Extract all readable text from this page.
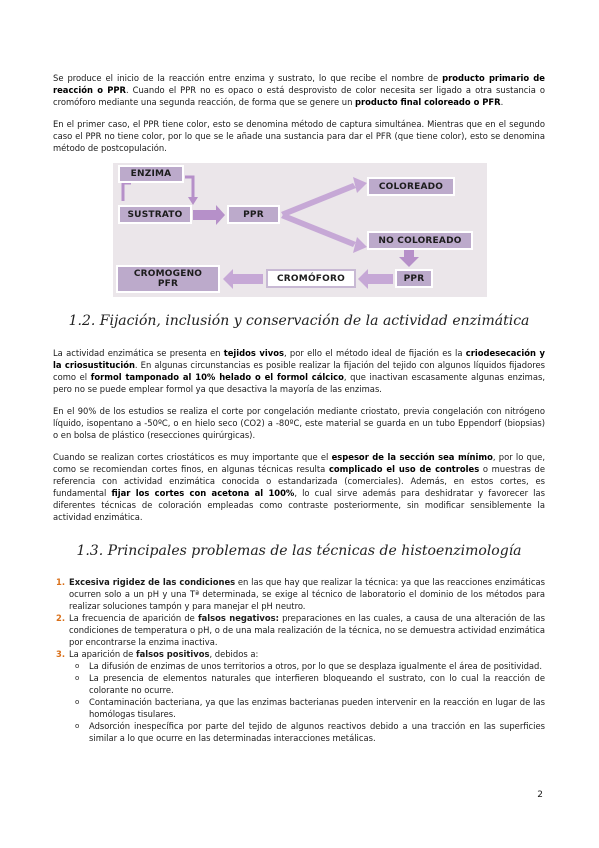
Se produce el inicio de la reacción entre enzima y sustrato, lo que recibe el nombre de producto primario de reacción o PPR. Cuando el PPR no es opaco o está desprovisto de color necesita ser ligado a otra sustancia o cromóforo mediante una segunda reacción, de forma que se genere un producto final coloreado o PFR.
En el primer caso, el PPR tiene color, esto se denomina método de captura simultánea. Mientras que en el segundo caso el PPR no tiene color, por lo que se le añade una sustancia para dar el PFR (que tiene color), esto se denomina método de postcopulación.
ENZIMA
SUSTRATO	PPR
COLOREADO
NO COLOREADO
PPR
CROMÓFORO
CROMOGENO
PFR
1.2. Fijación, inclusión y conservación de la actividad enzimática
La actividad enzimática se presenta en tejidos vivos, por ello el método ideal de fijación es la criodesecación y la criosustitución. En algunas circunstancias es posible realizar la fijación del tejido con algunos líquidos fijadores como el formol tamponado al 10% helado o el formol cálcico, que inactivan escasamente algunas enzimas, pero no se puede emplear formol ya que desactiva la mayoría de las enzimas.
En el 90% de los estudios se realiza el corte por congelación mediante criostato, previa congelación con nitrógeno líquido, isopentano a -50ºC, o en hielo seco (CO2) a -80ºC, este material se guarda en un tubo Eppendorf (biopsias) o en bolsa de plástico (resecciones quirúrgicas).
Cuando se realizan cortes criostáticos es muy importante que el espesor de la sección sea mínimo, por lo que, como se recomiendan cortes finos, en algunas técnicas resulta complicado el uso de controles o muestras de referencia con actividad enzimática conocida o estandarizada (comerciales). Además, en estos cortes, es fundamental fijar los cortes con acetona al 100%, lo cual sirve además para deshidratar y favorecer las diferentes técnicas de coloración empleadas como contraste posteriormente, sin modificar sensiblemente la actividad enzimática.
1.3. Principales problemas de las técnicas de histoenzimología
1. Excesiva rigidez de las condiciones en las que hay que realizar la técnica: ya que las reacciones enzimáticas ocurren solo a un pH y una Tª determinada, se exige al técnico de laboratorio el dominio de los métodos para realizar soluciones tampón y para manejar el pH neutro.
2. La frecuencia de aparición de falsos negativos: preparaciones en las cuales, a causa de una alteración de las condiciones de temperatura o pH, o de una mala realización de la técnica, no se demuestra actividad enzimática por encontrarse la enzima inactiva.
3. La aparición de falsos positivos, debidos a:
o La difusión de enzimas de unos territorios a otros, por lo que se desplaza igualmente el área de positividad.
o La presencia de elementos naturales que interfieren bloqueando el sustrato, con lo cual la reacción de colorante no ocurre.
o Contaminación bacteriana, ya que las enzimas bacterianas pueden intervenir en la reacción en lugar de las homólogas tisulares.
o Adsorción inespecífica por parte del tejido de algunos reactivos debido a una tracción en las superficies similar a lo que ocurre en las determinadas interacciones metálicas.
2
